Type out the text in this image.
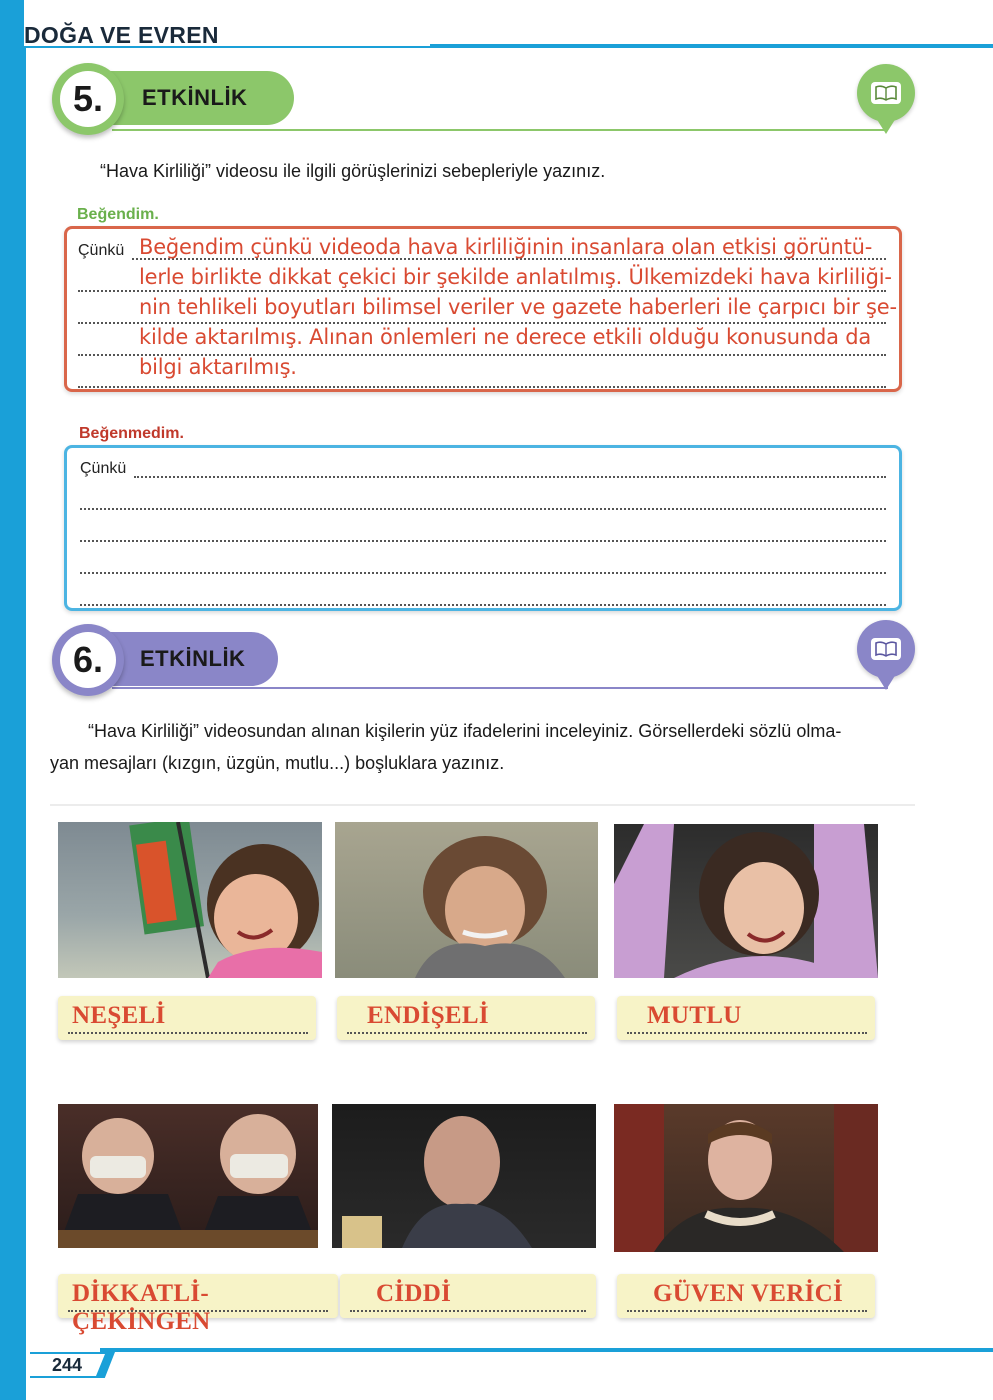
DOĞA VE EVREN
ETKİNLİK
5.
“Hava Kirliliği” videosu ile ilgili görüşlerinizi sebepleriyle yazınız.
Beğendim.
Çünkü Beğendim çünkü videoda hava kirliliğinin insanlara olan etkisi görüntü-
lerle birlikte dikkat çekici bir şekilde anlatılmış. Ülkemizdeki hava kirliliği-
nin tehlikeli boyutları bilimsel veriler ve gazete haberleri ile çarpıcı bir şe-
kilde aktarılmış. Alınan önlemleri ne derece etkili olduğu konusunda da
bilgi aktarılmış.
Beğenmedim.
Çünkü
ETKİNLİK
6.
“Hava Kirliliği” videosundan alınan kişilerin yüz ifadelerini inceleyiniz. Görsellerdeki sözlü olma-
yan mesajları (kızgın, üzgün, mutlu...) boşluklara yazınız.
NEŞELİ	ENDİŞELİ	MUTLU
DİKKATLİ-ÇEKİNGEN
CİDDİ	GÜVEN VERİCİ
244
